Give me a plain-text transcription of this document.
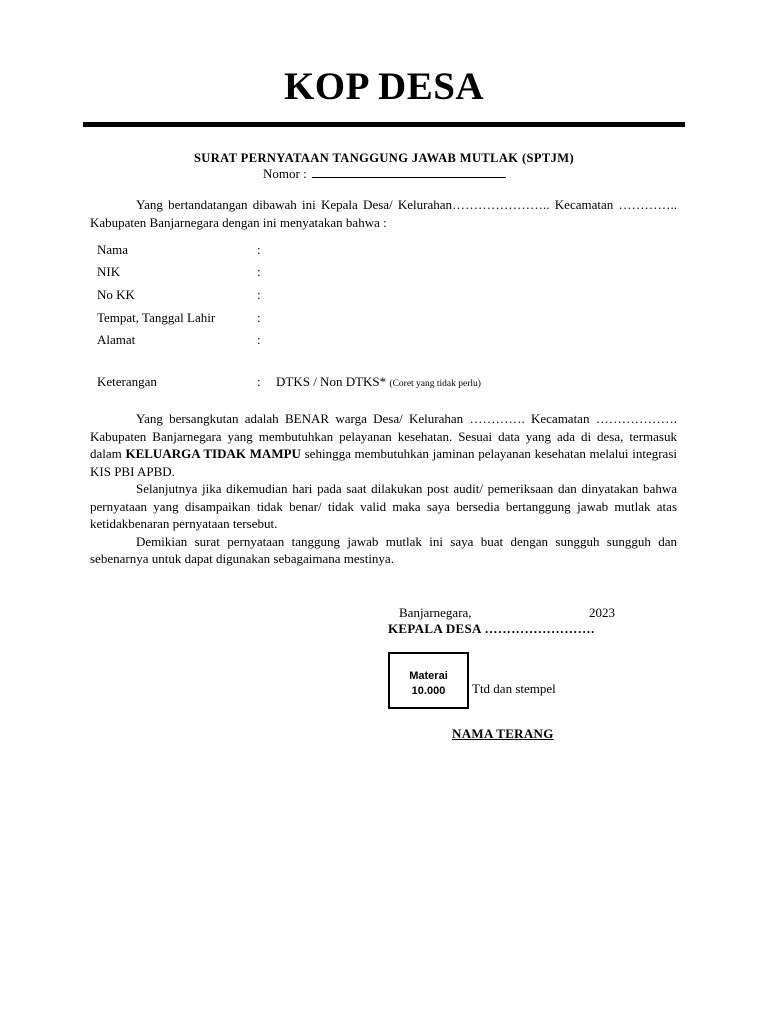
KOP DESA
SURAT PERNYATAAN TANGGUNG JAWAB MUTLAK (SPTJM)
Nomor :
Yang bertandatangan dibawah ini Kepala Desa/ Kelurahan………………….. Kecamatan ………….. Kabupaten Banjarnegara dengan ini menyatakan bahwa :
Nama	:
NIK	:
No KK	:
Tempat, Tanggal Lahir	:
Alamat	:
Keterangan	: DTKS / Non DTKS* (Coret yang tidak perlu)
Yang bersangkutan adalah BENAR warga Desa/ Kelurahan …………. Kecamatan ………………. Kabupaten Banjarnegara yang membutuhkan pelayanan kesehatan. Sesuai data yang ada di desa, termasuk dalam KELUARGA TIDAK MAMPU sehingga membutuhkan jaminan pelayanan kesehatan melalui integrasi KIS PBI APBD.
Selanjutnya jika dikemudian hari pada saat dilakukan post audit/ pemeriksaan dan dinyatakan bahwa pernyataan yang disampaikan tidak benar/ tidak valid maka saya bersedia bertanggung jawab mutlak atas ketidakbenaran pernyataan tersebut.
Demikian surat pernyataan tanggung jawab mutlak ini saya buat dengan sungguh sungguh dan sebenarnya untuk dapat digunakan sebagaimana mestinya.
Banjarnegara,	2023
KEPALA DESA …………………….
Materai
10.000	Ttd dan stempel
NAMA TERANG
